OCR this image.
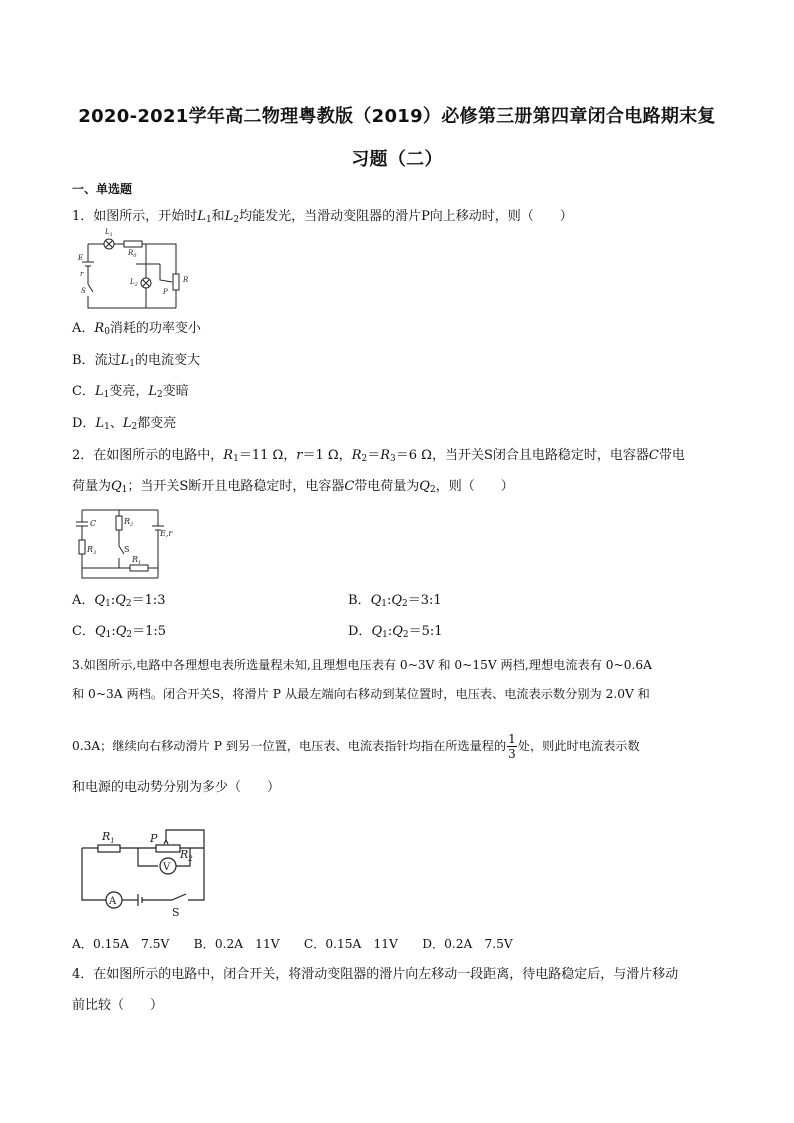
2020-2021学年高二物理粤教版（2019）必修第三册第四章闭合电路期末复
习题（二）
一、单选题
1．如图所示，开始时$L_1$和$L_2$均能发光，当滑动变阻器的滑片P向上移动时，则（　　）
$L_1$
$R_0$
E
r
S
$L_2$
P
R
A．$R_0$消耗的功率变小
B．流过$L_1$的电流变大
C．$L_1$变亮，$L_2$变暗
D．$L_1$、$L_2$都变亮
2．在如图所示的电路中，$R_1=11$ Ω，r＝1 Ω，$R_2=R_3=6$ Ω，当开关S闭合且电路稳定时，电容器C带电
荷量为$Q_1$；当开关S断开且电路稳定时，电容器C带电荷量为$Q_2$，则（　　）
C	$R_2$
$R_3$	S
E,r
$R_1$
A．$Q_1:Q_2=1:3$	B．$Q_1:Q_2=3:1$
C．$Q_1:Q_2=1:5$	D．$Q_1:Q_2=5:1$
3.如图所示,电路中各理想电表所选量程未知,且理想电压表有 0~3V 和 0~15V 两档,理想电流表有 0~0.6A
和 0~3A 两档。闭合开关S，将滑片 P 从最左端向右移动到某位置时，电压表、电流表示数分别为 2.0V 和
0.3A；继续向右移动滑片 P 到另一位置，电压表、电流表指针均指在所选量程的 $\frac{1}{3}$ 处，则此时电流表示数
和电源的电动势分别为多少（　　）
$R_1$	P
$R_2$
V
A
S
A．0.15A　7.5V　　B．0.2A　11V　　C．0.15A　11V　　D．0.2A　7.5V
4．在如图所示的电路中，闭合开关，将滑动变阻器的滑片向左移动一段距离，待电路稳定后，与滑片移动
前比较（　　）
